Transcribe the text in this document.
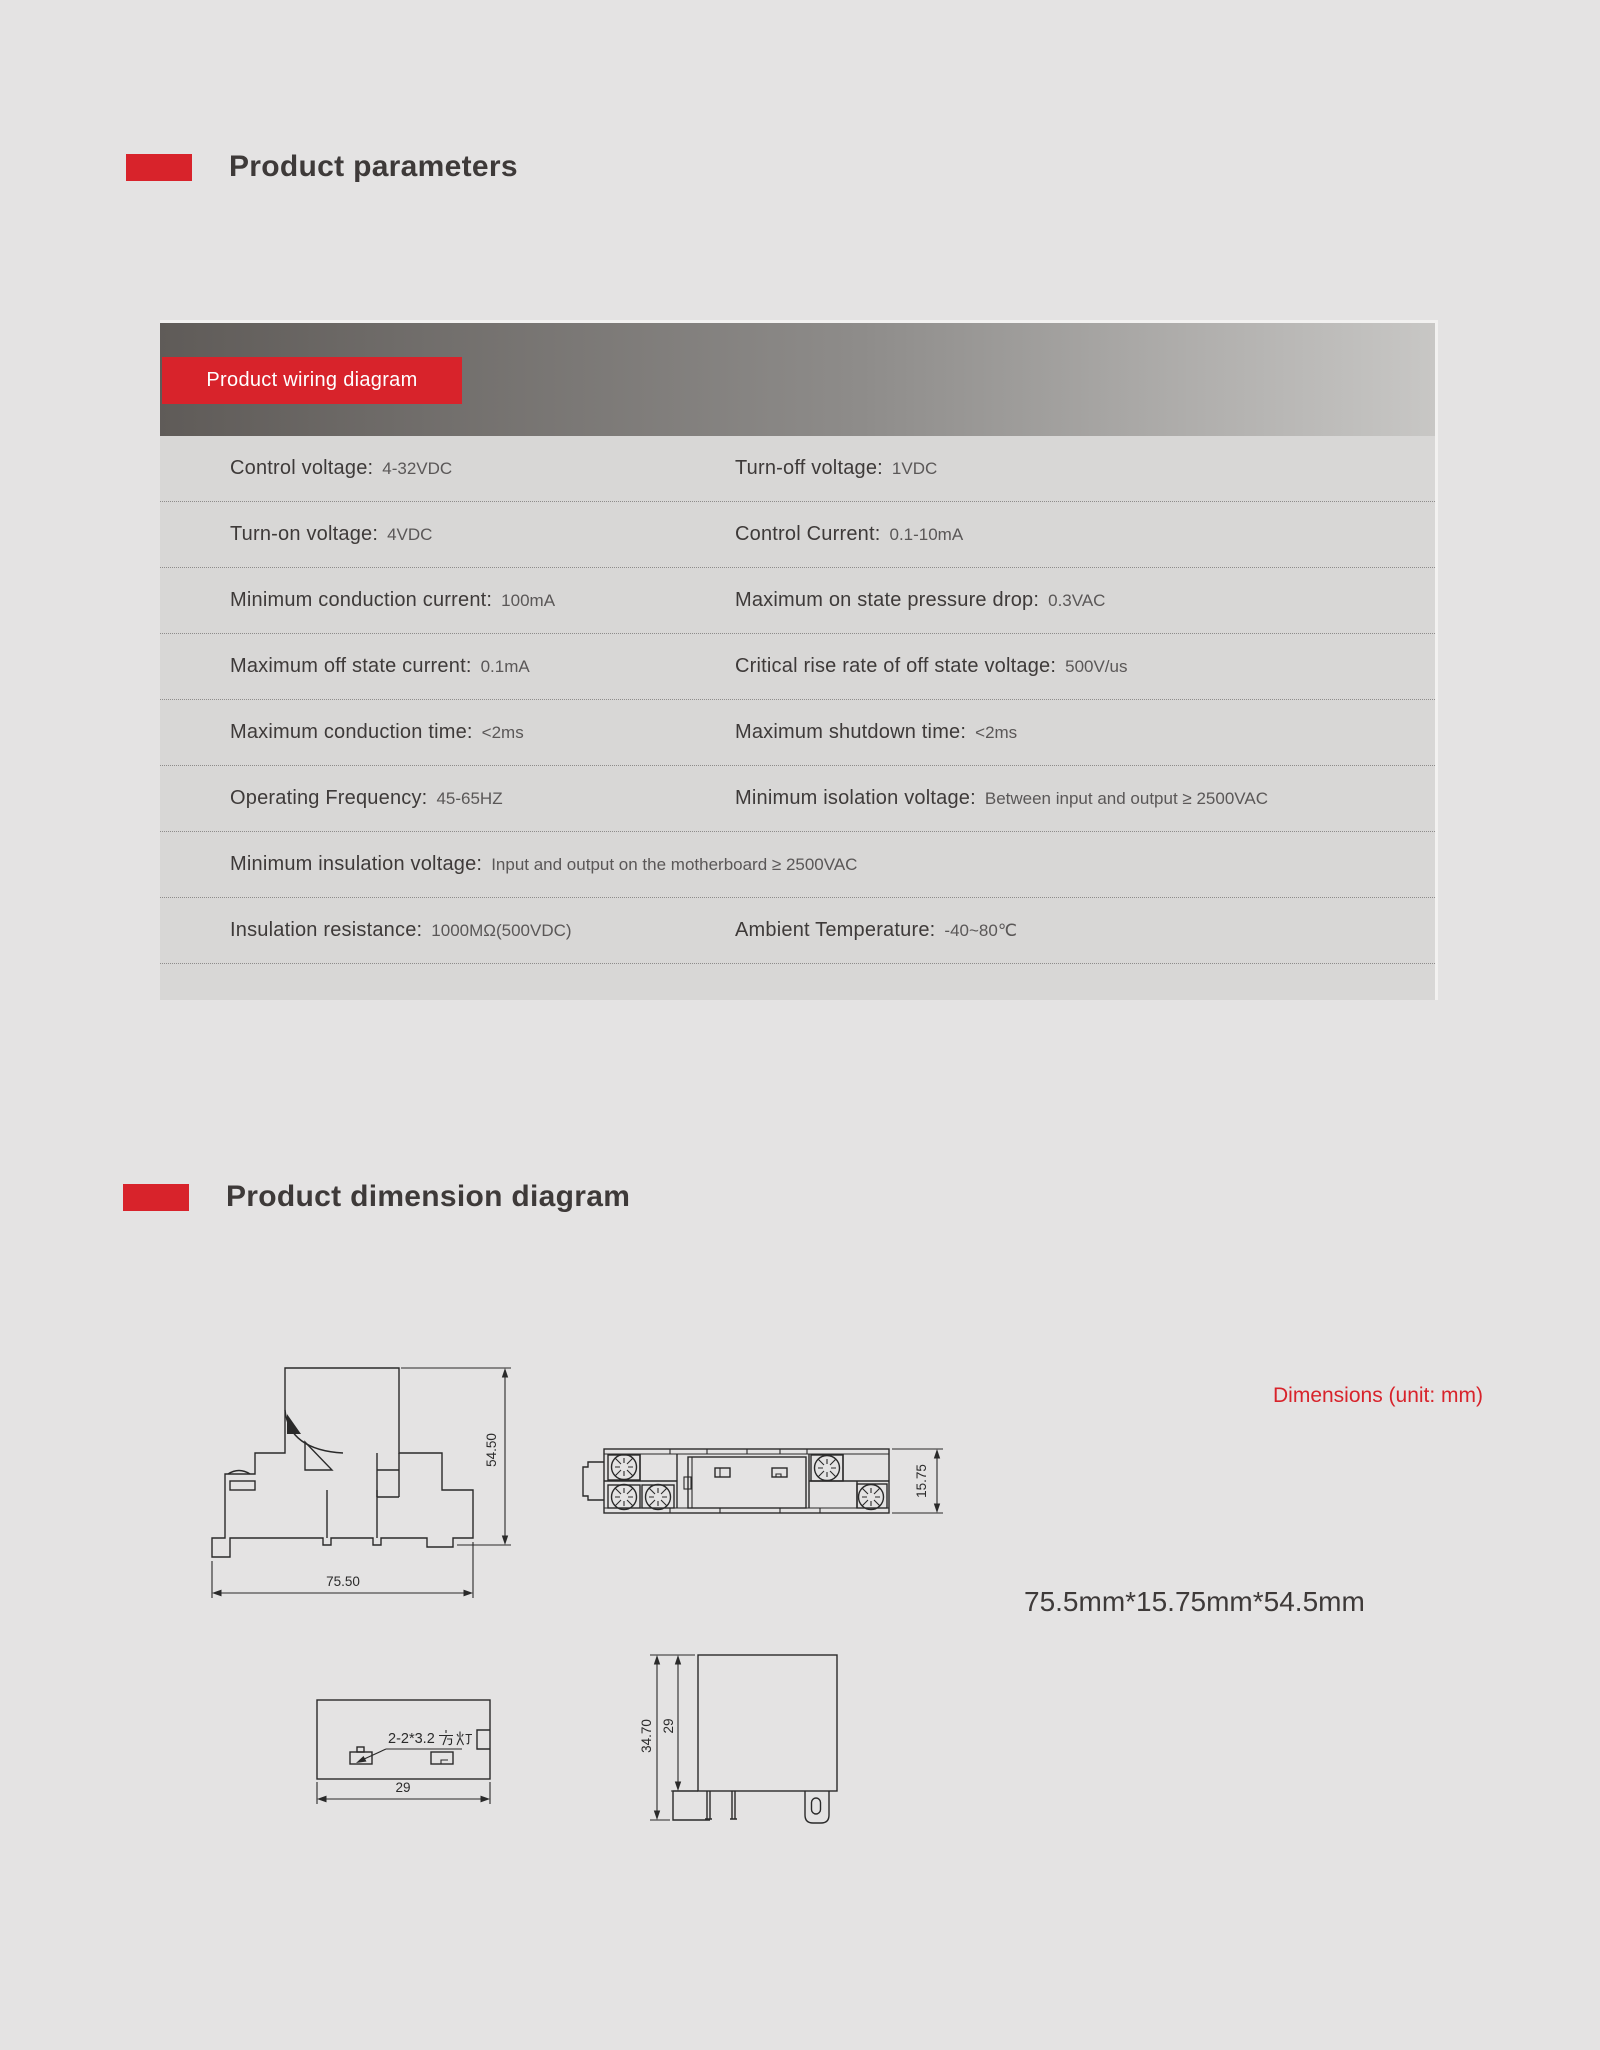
Product parameters
Product wiring diagram
Control voltage: 4-32VDC	Turn-off voltage: 1VDC
Turn-on voltage: 4VDC	Control Current: 0.1-10mA
Minimum conduction current: 100mA	Maximum on state pressure drop: 0.3VAC
Maximum off state current: 0.1mA	Critical rise rate of off state voltage: 500V/us
Maximum conduction time: <2ms	Maximum shutdown time: <2ms
Operating Frequency: 45-65HZ	Minimum isolation voltage: Between input and output ≥ 2500VAC
Minimum insulation voltage: Input and output on the motherboard ≥ 2500VAC
Insulation resistance: 1000MΩ(500VDC)	Ambient Temperature: -40~80℃
Product dimension diagram
Dimensions (unit: mm)
75.5mm*15.75mm*54.5mm
54.50
75.50
15.75
2-2*3.2
29
34.70 29
